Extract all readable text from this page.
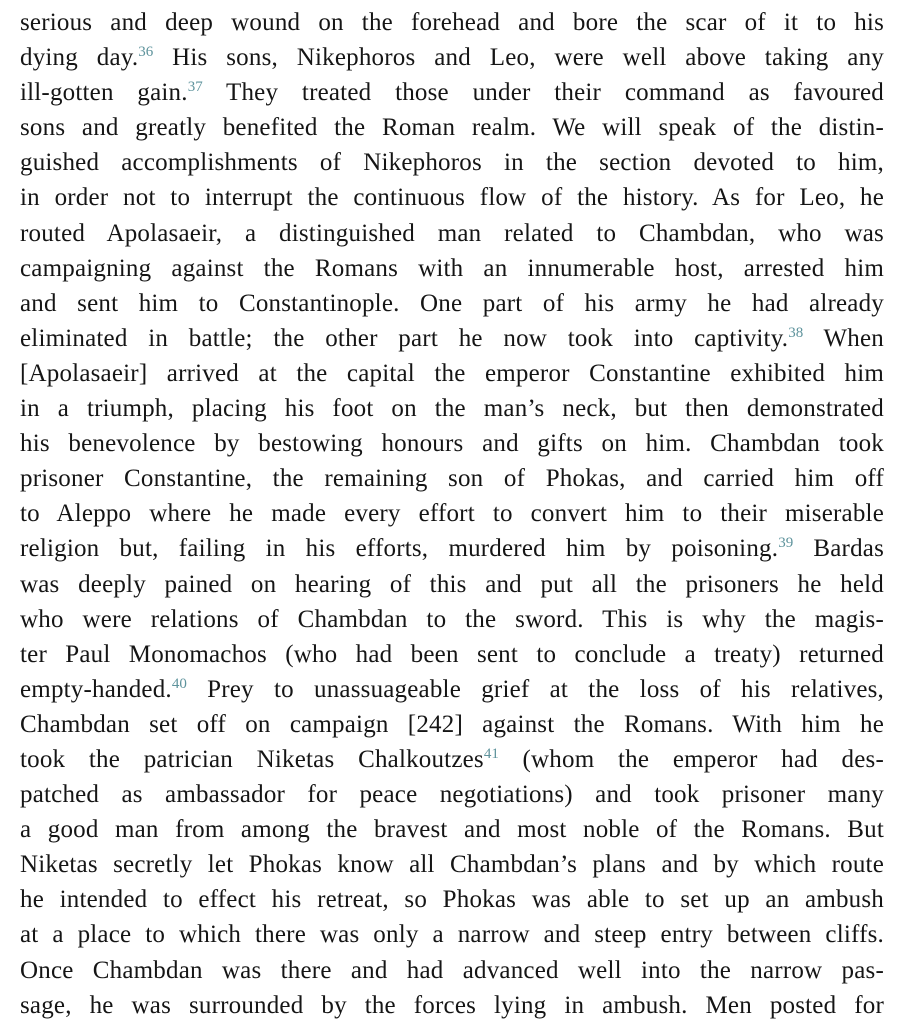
serious and deep wound on the forehead and bore the scar of it to his
dying day.$^{36}$ His sons, Nikephoros and Leo, were well above taking any
ill-gotten gain.$^{37}$ They treated those under their command as favoured
sons and greatly benefited the Roman realm. We will speak of the distin-
guished accomplishments of Nikephoros in the section devoted to him,
in order not to interrupt the continuous flow of the history. As for Leo, he
routed Apolasaeir, a distinguished man related to Chambdan, who was
campaigning against the Romans with an innumerable host, arrested him
and sent him to Constantinople. One part of his army he had already
eliminated in battle; the other part he now took into captivity.$^{38}$ When
[Apolasaeir] arrived at the capital the emperor Constantine exhibited him
in a triumph, placing his foot on the man’s neck, but then demonstrated
his benevolence by bestowing honours and gifts on him. Chambdan took
prisoner Constantine, the remaining son of Phokas, and carried him off
to Aleppo where he made every effort to convert him to their miserable
religion but, failing in his efforts, murdered him by poisoning.$^{39}$ Bardas
was deeply pained on hearing of this and put all the prisoners he held
who were relations of Chambdan to the sword. This is why the magis-
ter Paul Monomachos (who had been sent to conclude a treaty) returned
empty-handed.$^{40}$ Prey to unassuageable grief at the loss of his relatives,
Chambdan set off on campaign [242] against the Romans. With him he
took the patrician Niketas Chalkoutzes$^{41}$ (whom the emperor had des-
patched as ambassador for peace negotiations) and took prisoner many
a good man from among the bravest and most noble of the Romans. But
Niketas secretly let Phokas know all Chambdan’s plans and by which route
he intended to effect his retreat, so Phokas was able to set up an ambush
at a place to which there was only a narrow and steep entry between cliffs.
Once Chambdan was there and had advanced well into the narrow pas-
sage, he was surrounded by the forces lying in ambush. Men posted for
